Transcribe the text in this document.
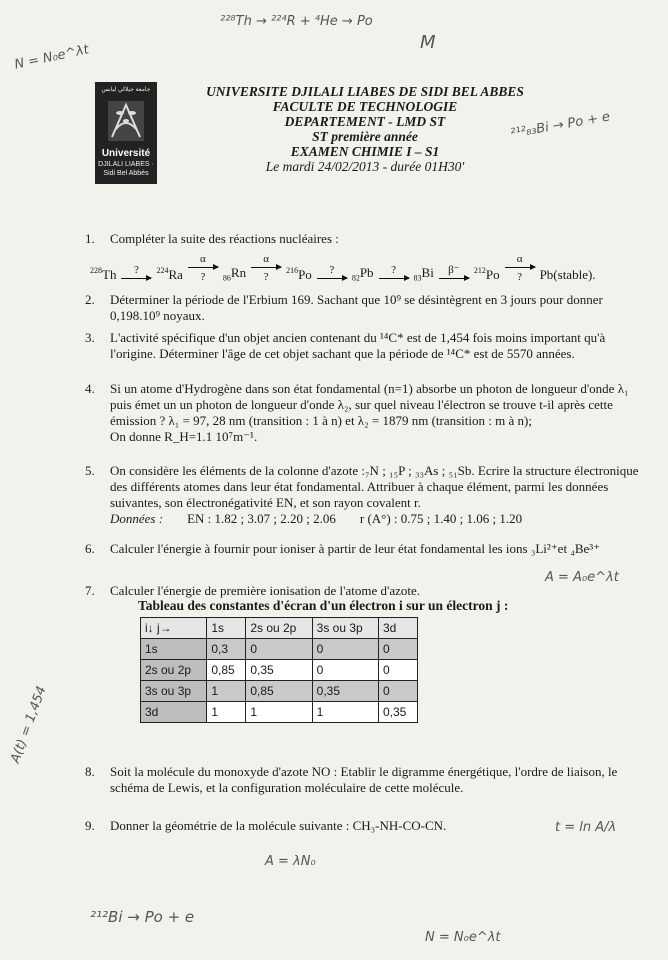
جامعة جيلالي ليابس
Université
DJILALI LIABES · Sidi Bel Abbès
UNIVERSITE DJILALI LIABES DE SIDI BEL ABBES
FACULTE DE TECHNOLOGIE
DEPARTEMENT - LMD ST
ST première année
EXAMEN CHIMIE I – S1
Le mardi 24/02/2013 - durée 01H30'
1. Compléter la suite des réactions nucléaires :
$^{228}$Th ? $^{224}$Ra
α
? $_{86}$Rn
α
?
$^{216}$Po ?
$_{82}$Pb ?
$_{83}$Bi β⁻ $^{212}$Po
α
? Pb(stable).
2. Déterminer la période de l'Erbium 169. Sachant que 10⁹ se désintègrent en 3 jours pour donner 0,198.10⁹ noyaux.
3. L'activité spécifique d'un objet ancien contenant du ¹⁴C* est de 1,454 fois moins important qu'à l'origine. Déterminer l'âge de cet objet sachant que la période de ¹⁴C* est de 5570 années.
4. Si un atome d'Hydrogène dans son état fondamental (n=1) absorbe un photon de longueur d'onde λ₁ puis émet un un photon de longueur d'onde λ₂, sur quel niveau l'électron se trouve t-il après cette émission ? λ₁ = 97, 28 nm (transition : 1 à n) et λ₂ = 1879 nm (transition : m à n);
On donne R_H=1.1 10⁷m⁻¹.
5. On considère les éléments de la colonne d'azote :₇N ; ₁₅P ; ₃₃As ; ₅₁Sb. Ecrire la structure électronique des différents atomes dans leur état fondamental. Attribuer à chaque élément, parmi les données suivantes, son électronégativité EN, et son rayon covalent r.
Données : EN : 1.82 ; 3.07 ; 2.20 ; 2.06 r (A°) : 0.75 ; 1.40 ; 1.06 ; 1.20
6. Calculer l'énergie à fournir pour ioniser à partir de leur état fondamental les ions ₃Li²⁺et ₄Be³⁺
7. Calculer l'énergie de première ionisation de l'atome d'azote.
Tableau des constantes d'écran d'un électron i sur un électron j :
i↓ j→	1s	2s ou 2p	3s ou 3p	3d
1s	0,3	0	0	0
2s ou 2p	0,85	0,35	0	0
3s ou 3p	1	0,85	0,35	0
3d	1	1	1	0,35
8. Soit la molécule du monoxyde d'azote NO : Etablir le digramme énergétique, l'ordre de liaison, le schéma de Lewis, et la configuration moléculaire de cette molécule.
9. Donner la géométrie de la molécule suivante : CH₃-NH-CO-CN.
²²⁸Th → ²²⁴R + ⁴He → Po
M
N = N₀e^λt
²¹²₈₃Bi → Po + e
A(t) = 1,454
A = A₀e^λt
t = ln A/λ
²¹²Bi → Po + e
A = λN₀
N = N₀e^λt
